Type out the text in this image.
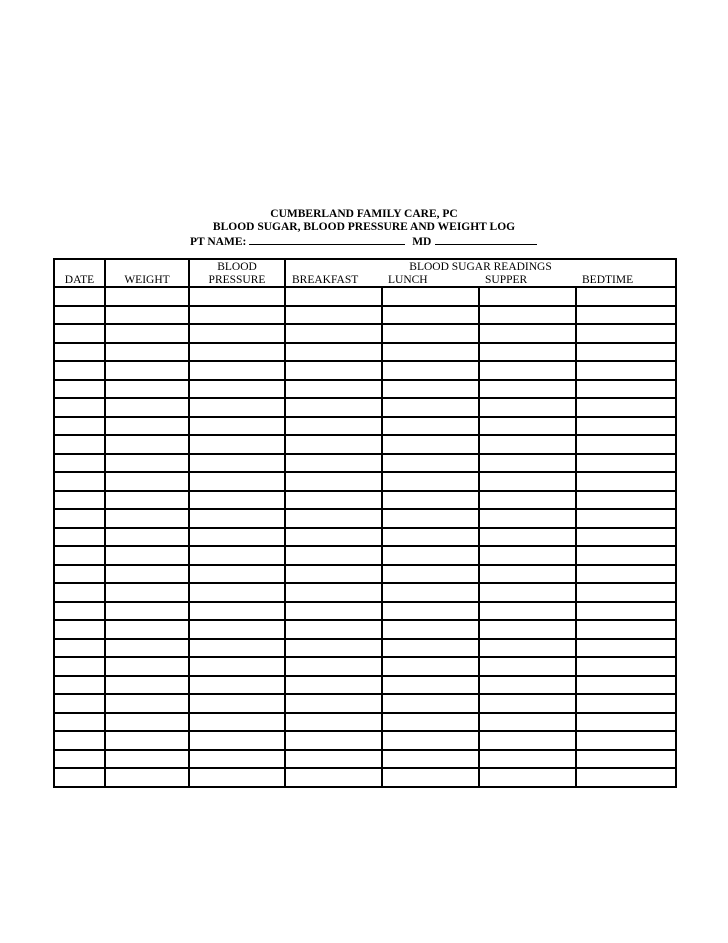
CUMBERLAND FAMILY CARE, PC
BLOOD SUGAR, BLOOD PRESSURE AND WEIGHT LOG
PT NAME:	MD
		BLOOD	BLOOD SUGAR READINGS			
DATE	WEIGHT	PRESSURE	BREAKFAST	LUNCH	SUPPER	BEDTIME
